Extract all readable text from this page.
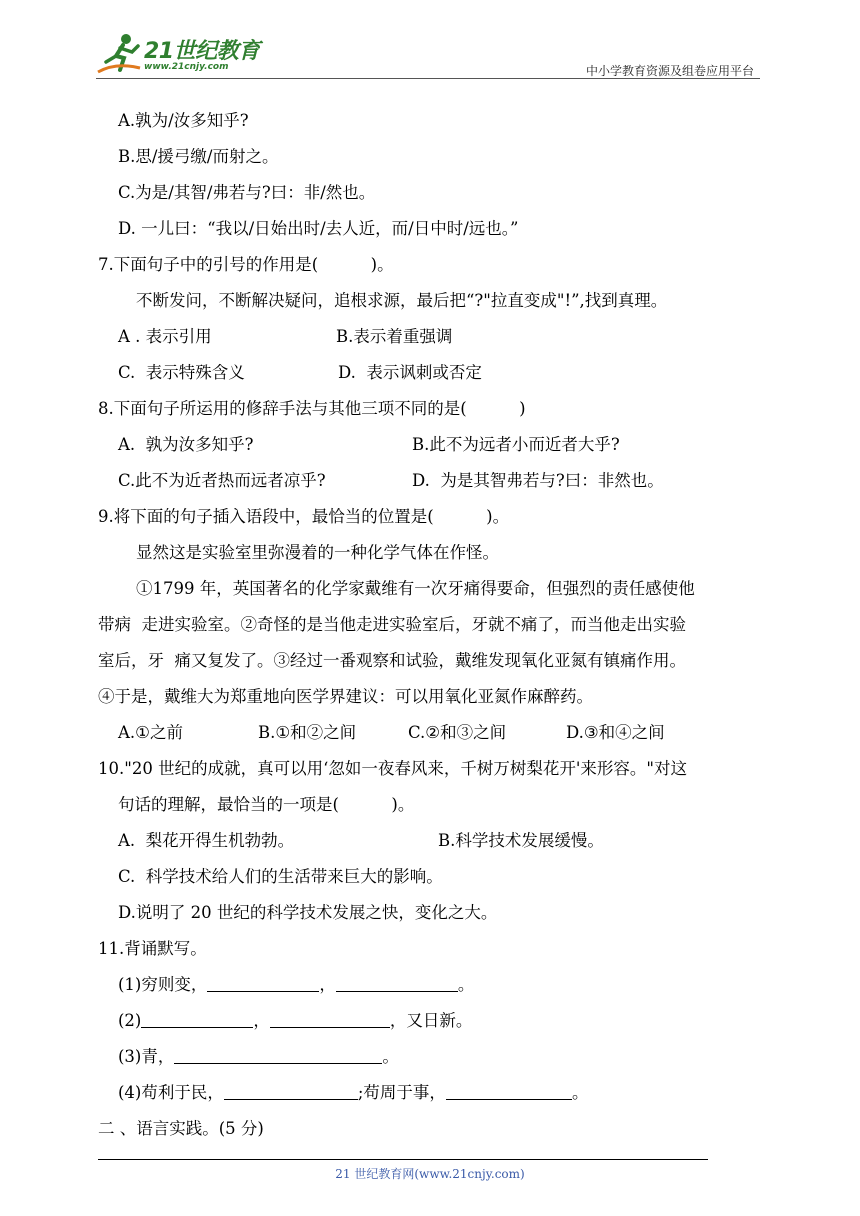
21世纪教育
www.21cnjy.com	中小学教育资源及组卷应用平台
A.孰为/汝多知乎?
B.思/援弓缴/而射之。
C.为是/其智/弗若与?曰：非/然也。
D. 一儿曰：“我以/日始出时/去人近，而/日中时/远也。”
7.下面句子中的引号的作用是(          )。
不断发问，不断解决疑问，追根求源，最后把“?"拉直变成"!”,找到真理。
A . 表示引用	B.表示着重强调
C.  表示特殊含义	D.  表示讽刺或否定
8.下面句子所运用的修辞手法与其他三项不同的是(          )
A.  孰为汝多知乎?	B.此不为远者小而近者大乎?
C.此不为近者热而远者凉乎?	D.  为是其智弗若与?曰：非然也。
9.将下面的句子插入语段中，最恰当的位置是(          )。
显然这是实验室里弥漫着的一种化学气体在作怪。
①1799 年，英国著名的化学家戴维有一次牙痛得要命，但强烈的责任感使他
带病  走进实验室。②奇怪的是当他走进实验室后，牙就不痛了，而当他走出实验
室后，牙  痛又复发了。③经过一番观察和试验，戴维发现氧化亚氮有镇痛作用。
④于是，戴维大为郑重地向医学界建议：可以用氧化亚氮作麻醉药。
A.①之前	B.①和②之间	C.②和③之间	D.③和④之间
10."20 世纪的成就，真可以用‘忽如一夜春风来，千树万树梨花开'来形容。"对这
句话的理解，最恰当的一项是(          )。
A.  梨花开得生机勃勃。	B.科学技术发展缓慢。
C.  科学技术给人们的生活带来巨大的影响。
D.说明了 20 世纪的科学技术发展之快，变化之大。
11.背诵默写。
(1)穷则变，	，	。
(2)	，	，又日新。
(3)青，	。
(4)苟利于民，	;苟周于事，	。
二 、语言实践。(5 分)
21 世纪教育网(www.21cnjy.com)
